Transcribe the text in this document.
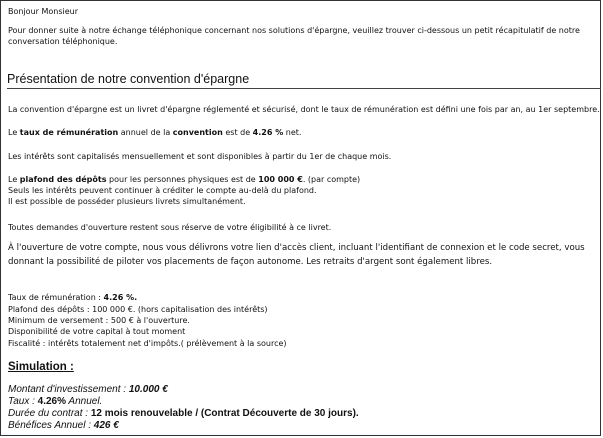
Bonjour Monsieur
Pour donner suite à notre échange téléphonique concernant nos solutions d'épargne, veuillez trouver ci-dessous un petit récapitulatif de notre conversation téléphonique.
Présentation de notre convention d'épargne
La convention d'épargne est un livret d'épargne réglementé et sécurisé, dont le taux de rémunération est défini une fois par an, au 1er septembre.
Le taux de rémunération annuel de la convention est de 4.26 % net.
Les intérêts sont capitalisés mensuellement et sont disponibles à partir du 1er de chaque mois.
Le plafond des dépôts pour les personnes physiques est de 100 000 €. (par compte)
Seuls les intérêts peuvent continuer à créditer le compte au-delà du plafond.
Il est possible de posséder plusieurs livrets simultanément.
Toutes demandes d'ouverture restent sous réserve de votre éligibilité à ce livret.
À l'ouverture de votre compte, nous vous délivrons votre lien d'accès client, incluant l'identifiant de connexion et le code secret, vous donnant la possibilité de piloter vos placements de façon autonome. Les retraits d'argent sont également libres.
Taux de rémunération : 4.26 %.
Plafond des dépôts : 100 000 €. (hors capitalisation des intérêts)
Minimum de versement : 500 € à l'ouverture.
Disponibilité de votre capital à tout moment
Fiscalité : intérêts totalement net d'impôts.( prélèvement à la source)
Simulation :
Montant d'investissement : 10.000 €
Taux : 4.26% Annuel.
Durée du contrat : 12 mois renouvelable / (Contrat Découverte de 30 jours).
Bénéfices Annuel : 426 €
